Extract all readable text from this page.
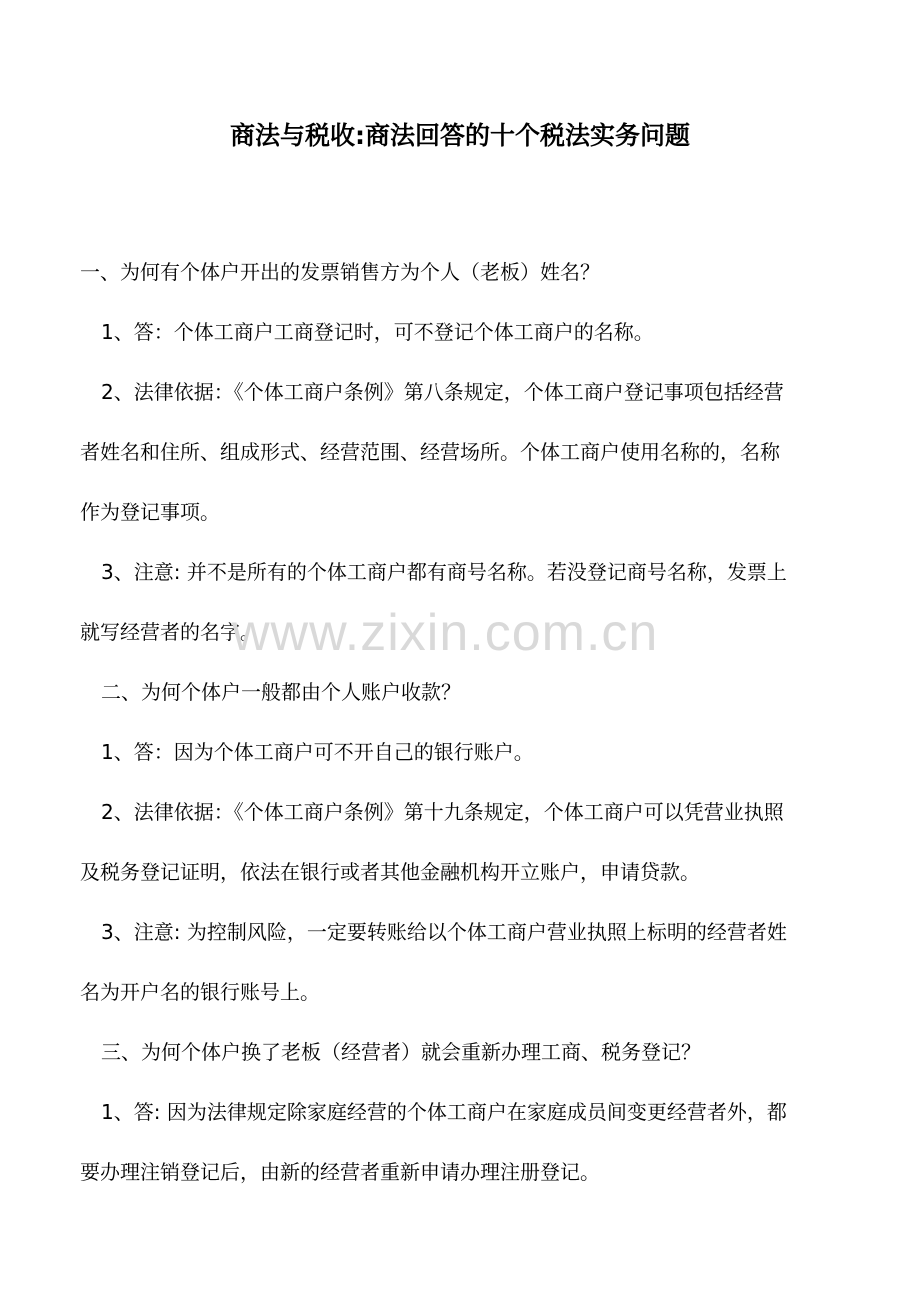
商法与税收:商法回答的十个税法实务问题
一、为何有个体户开出的发票销售方为个人（老板）姓名？
1、答：个体工商户工商登记时，可不登记个体工商户的名称。
2、法律依据：《个体工商户条例》第八条规定，个体工商户登记事项包括经营
者姓名和住所、组成形式、经营范围、经营场所。个体工商户使用名称的，名称
作为登记事项。
3、注意: 并不是所有的个体工商户都有商号名称。若没登记商号名称，发票上
就写经营者的名字。
二、为何个体户一般都由个人账户收款？
1、答：因为个体工商户可不开自己的银行账户。
2、法律依据：《个体工商户条例》第十九条规定，个体工商户可以凭营业执照
及税务登记证明，依法在银行或者其他金融机构开立账户，申请贷款。
3、注意: 为控制风险，一定要转账给以个体工商户营业执照上标明的经营者姓
名为开户名的银行账号上。
三、为何个体户换了老板（经营者）就会重新办理工商、税务登记？
1、答: 因为法律规定除家庭经营的个体工商户在家庭成员间变更经营者外，都
要办理注销登记后，由新的经营者重新申请办理注册登记。
www.zixin.com.cn
